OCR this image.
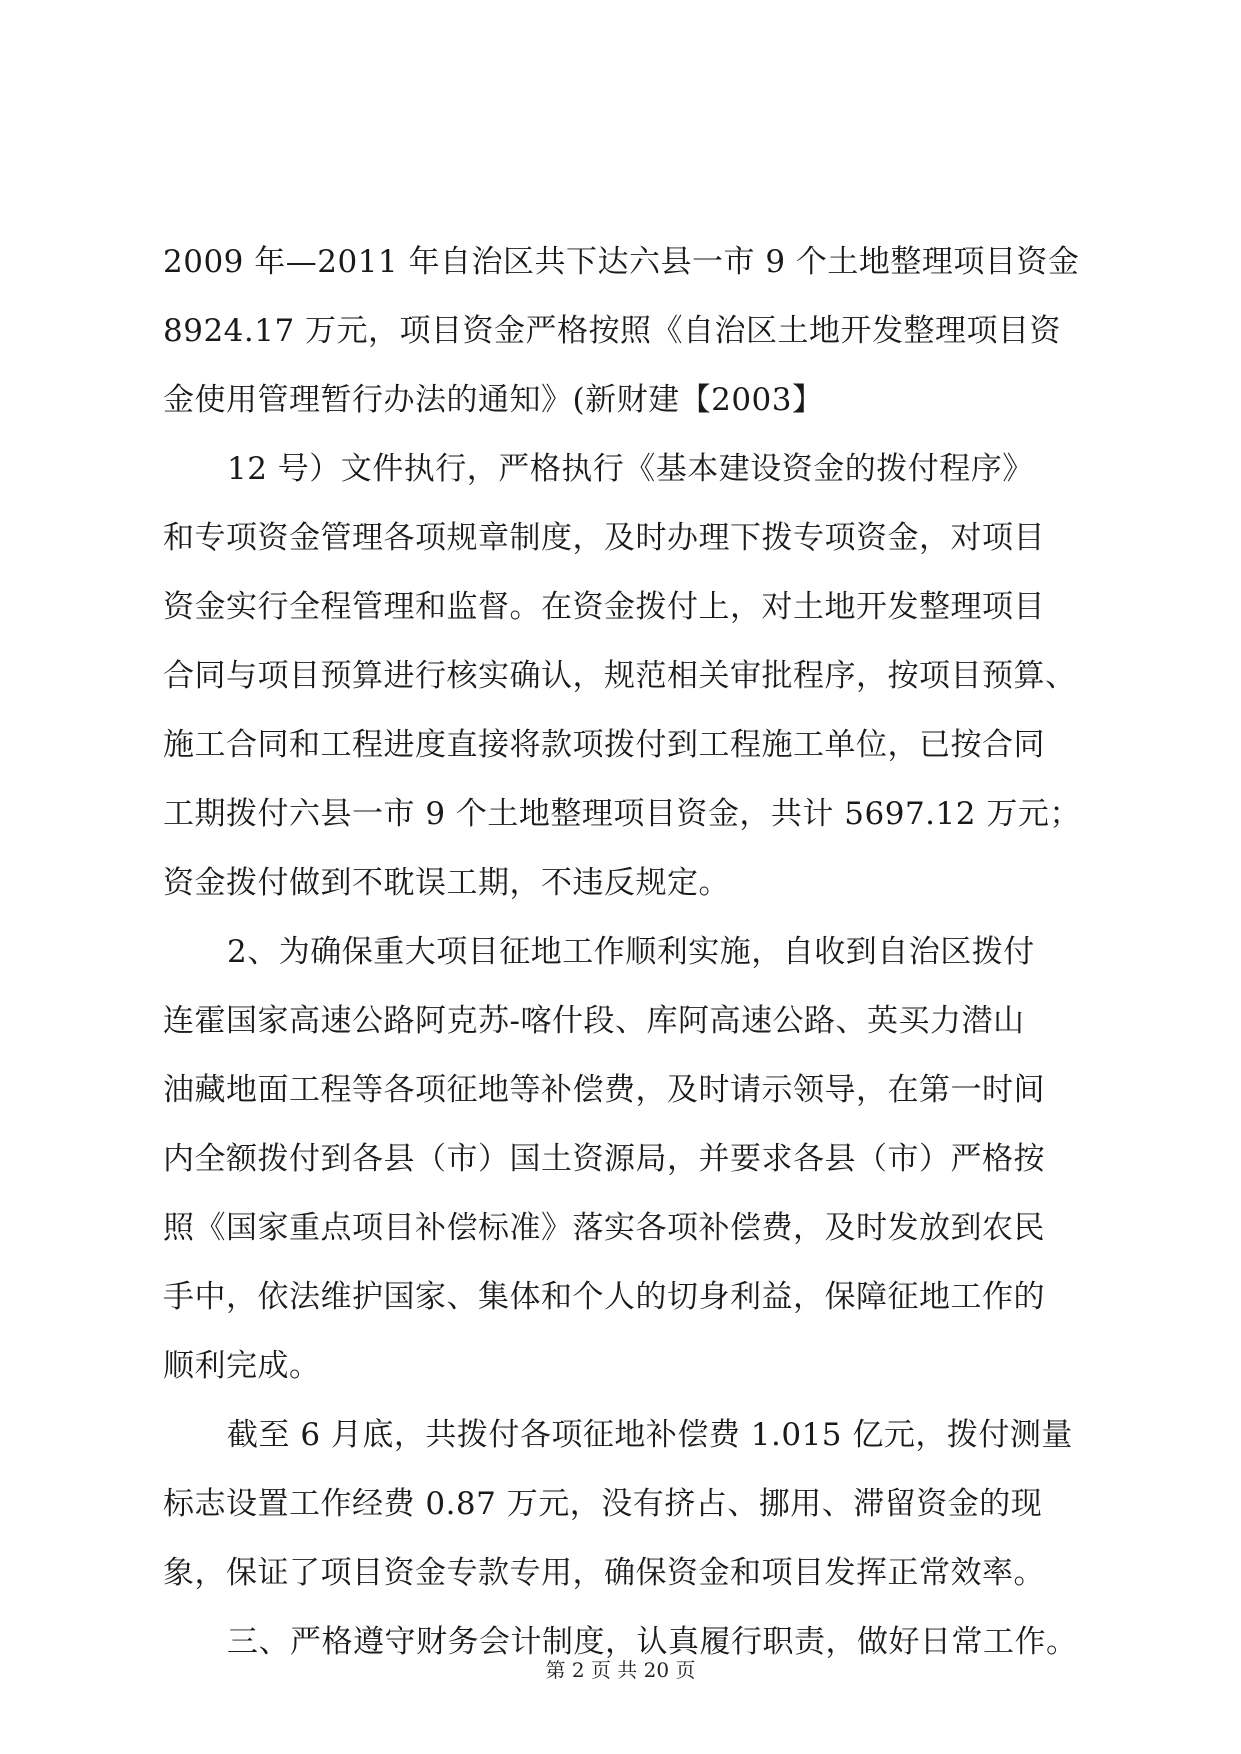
2009 年—2011 年自治区共下达六县一市 9 个土地整理项目资金
8924.17 万元，项目资金严格按照《自治区土地开发整理项目资
金使用管理暂行办法的通知》(新财建【2003】
12 号）文件执行，严格执行《基本建设资金的拨付程序》
和专项资金管理各项规章制度，及时办理下拨专项资金，对项目
资金实行全程管理和监督。在资金拨付上，对土地开发整理项目
合同与项目预算进行核实确认，规范相关审批程序，按项目预算、
施工合同和工程进度直接将款项拨付到工程施工单位，已按合同
工期拨付六县一市 9 个土地整理项目资金，共计 5697.12 万元；
资金拨付做到不耽误工期，不违反规定。
2、为确保重大项目征地工作顺利实施，自收到自治区拨付
连霍国家高速公路阿克苏-喀什段、库阿高速公路、英买力潜山
油藏地面工程等各项征地等补偿费，及时请示领导，在第一时间
内全额拨付到各县（市）国土资源局，并要求各县（市）严格按
照《国家重点项目补偿标准》落实各项补偿费，及时发放到农民
手中，依法维护国家、集体和个人的切身利益，保障征地工作的
顺利完成。
截至 6 月底，共拨付各项征地补偿费 1.015 亿元，拨付测量
标志设置工作经费 0.87 万元，没有挤占、挪用、滞留资金的现
象，保证了项目资金专款专用，确保资金和项目发挥正常效率。
三、严格遵守财务会计制度，认真履行职责，做好日常工作。
第 2 页 共 20 页
